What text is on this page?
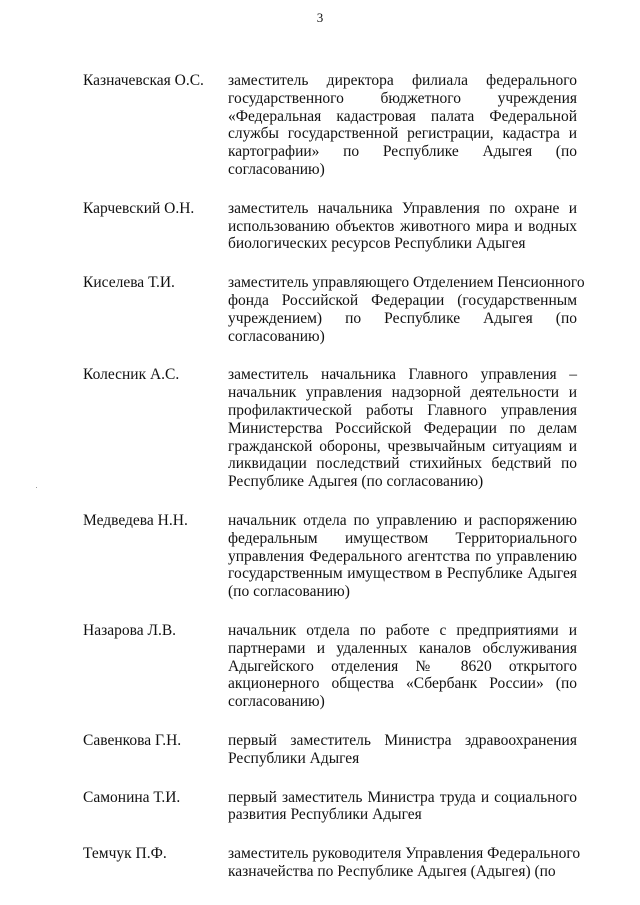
3
Казначевская О.С.	заместитель директора филиала федерального
государственного бюджетного учреждения
«Федеральная кадастровая палата Федеральной
службы государственной регистрации, кадастра и
картографии» по Республике Адыгея (по
согласованию)
Карчевский О.Н.	заместитель начальника Управления по охране и
использованию объектов животного мира и водных
биологических ресурсов Республики Адыгея
Киселева Т.И.	заместитель управляющего Отделением Пенсионного
фонда Российской Федерации (государственным
учреждением) по Республике Адыгея (по
согласованию)
Колесник А.С.	заместитель начальника Главного управления –
начальник управления надзорной деятельности и
профилактической работы Главного управления
Министерства Российской Федерации по делам
гражданской обороны, чрезвычайным ситуациям и
ликвидации последствий стихийных бедствий по
Республике Адыгея (по согласованию)
Медведева Н.Н.	начальник отдела по управлению и распоряжению
федеральным имуществом Территориального
управления Федерального агентства по управлению
государственным имуществом в Республике Адыгея
(по согласованию)
Назарова Л.В.	начальник отдела по работе с предприятиями и
партнерами и удаленных каналов обслуживания
Адыгейского отделения № 8620 открытого
акционерного общества «Сбербанк России» (по
согласованию)
Савенкова Г.Н.	первый заместитель Министра здравоохранения
Республики Адыгея
Самонина Т.И.	первый заместитель Министра труда и социального
развития Республики Адыгея
Темчук П.Ф.	заместитель руководителя Управления Федерального
казначейства по Республике Адыгея (Адыгея) (по
